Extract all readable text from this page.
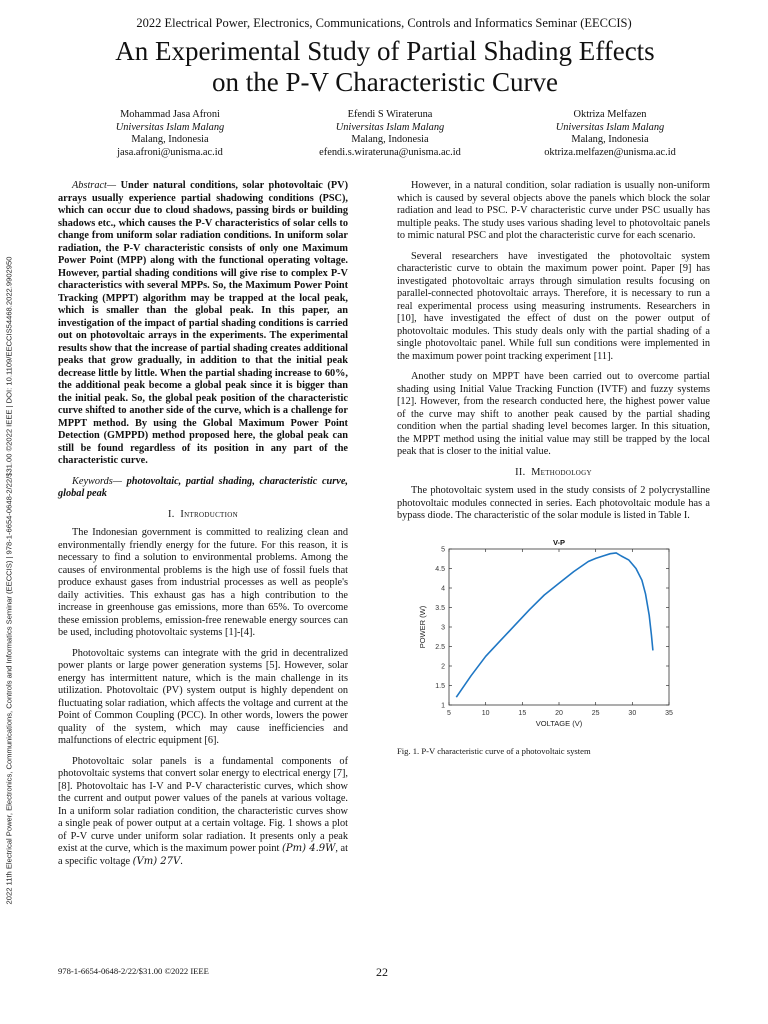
2022 Electrical Power, Electronics, Communications, Controls and Informatics Seminar (EECCIS)
An Experimental Study of Partial Shading Effects
on the P-V Characteristic Curve
Mohammad Jasa Afroni
Universitas Islam Malang
Malang, Indonesia
jasa.afroni@unisma.ac.id
Efendi S Wirateruna
Universitas Islam Malang
Malang, Indonesia
efendi.s.wirateruna@unisma.ac.id
Oktriza Melfazen
Universitas Islam Malang
Malang, Indonesia
oktriza.melfazen@unisma.ac.id
2022 11th Electrical Power, Electronics, Communications, Controls and Informatics Seminar (EECCIS) | 978-1-6654-0648-2/22/$31.00 ©2022 IEEE | DOI: 10.1109/EECCIS54468.2022.9902950

Abstract— Under natural conditions, solar photovoltaic (PV) arrays usually experience partial shadowing conditions (PSC), which can occur due to cloud shadows, passing birds or building shadows etc., which causes the P-V characteristics of solar cells to change from uniform solar radiation conditions. In uniform solar radiation, the P-V characteristic consists of only one Maximum Power Point (MPP) along with the functional operating voltage. However, partial shading conditions will give rise to complex P-V characteristics with several MPPs. So, the Maximum Power Point Tracking (MPPT) algorithm may be trapped at the local peak, which is smaller than the global peak. In this paper, an investigation of the impact of partial shading conditions is carried out on photovoltaic arrays in the experiments. The experimental results show that the increase of partial shading creates additional peaks that grow gradually, in addition to that the initial peak decrease little by little. When the partial shading increase to 60%, the additional peak become a global peak since it is bigger than the initial peak. So, the global peak position of the characteristic curve shifted to another side of the curve, which is a challenge for MPPT method. By using the Global Maximum Power Point Detection (GMPPD) method proposed here, the global peak can still be found regardless of its position in any part of the characteristic curve.

Keywords— photovoltaic, partial shading, characteristic curve, global peak

I. Introduction

The Indonesian government is committed to realizing clean and environmentally friendly energy for the future. For this reason, it is necessary to find a solution to environmental problems. Among the causes of environmental problems is the high use of fossil fuels that produce exhaust gases from industrial processes as well as people's daily activities. This exhaust gas has a high contribution to the increase in greenhouse gas emissions, more than 65%. To overcome these emission problems, emission-free renewable energy sources can be used, including photovoltaic systems [1]-[4].

Photovoltaic systems can integrate with the grid in decentralized power plants or large power generation systems [5]. However, solar energy has intermittent nature, which is the main challenge in its utilization. Photovoltaic (PV) system output is highly dependent on fluctuating solar radiation, which affects the voltage and current at the Point of Common Coupling (PCC). In other words, lowers the power quality of the system, which may cause inefficiencies and malfunctions of electric equipment [6].

Photovoltaic solar panels is a fundamental components of photovoltaic systems that convert solar energy to electrical energy [7], [8]. Photovoltaic has I-V and P-V characteristic curves, which show the current and output power values of the panels at various voltage. In a uniform solar radiation condition, the characteristic curves show a single peak of power output at a certain voltage. Fig. 1 shows a plot of P-V curve under uniform solar radiation. It presents only a peak exist at the curve, which is the maximum power point (Pm) 4.9W, at a specific voltage (Vm) 27V.

However, in a natural condition, solar radiation is usually non-uniform which is caused by several objects above the panels which block the solar radiation and lead to PSC. P-V characteristic curve under PSC usually has multiple peaks. The study uses various shading level to photovoltaic panels to mimic natural PSC and plot the characteristic curve for each scenario.

Several researchers have investigated the photovoltaic system characteristic curve to obtain the maximum power point. Paper [9] has investigated photovoltaic arrays through simulation results focusing on parallel-connected photovoltaic arrays. Therefore, it is necessary to run a real experimental process using measuring instruments. Researchers in [10], have investigated the effect of dust on the power output of photovoltaic modules. This study deals only with the partial shading of a single photovoltaic panel. While full sun conditions were implemented in the maximum power point tracking experiment [11].

Another study on MPPT have been carried out to overcome partial shading using Initial Value Tracking Function (IVTF) and fuzzy systems [12]. However, from the research conducted here, the highest power value of the curve may shift to another peak caused by the partial shading condition when the partial shading level becomes larger. In this situation, the MPPT method using the initial value may still be trapped by the local peak that is closer to the initial value.

II. Methodology

The photovoltaic system used in the study consists of 2 polycrystalline photovoltaic modules connected in series. Each photovoltaic module has a bypass diode. The characteristic of the solar module is listed in Table I.

5	10	15	20	25	30	35
1
1.5
2
2.5
3
3.5
4
4.5
5
V-P
VOLTAGE (V)
POWER (W)
Fig. 1. P-V characteristic curve of a photovoltaic system
978-1-6654-0648-2/22/$31.00 ©2022 IEEE	22
